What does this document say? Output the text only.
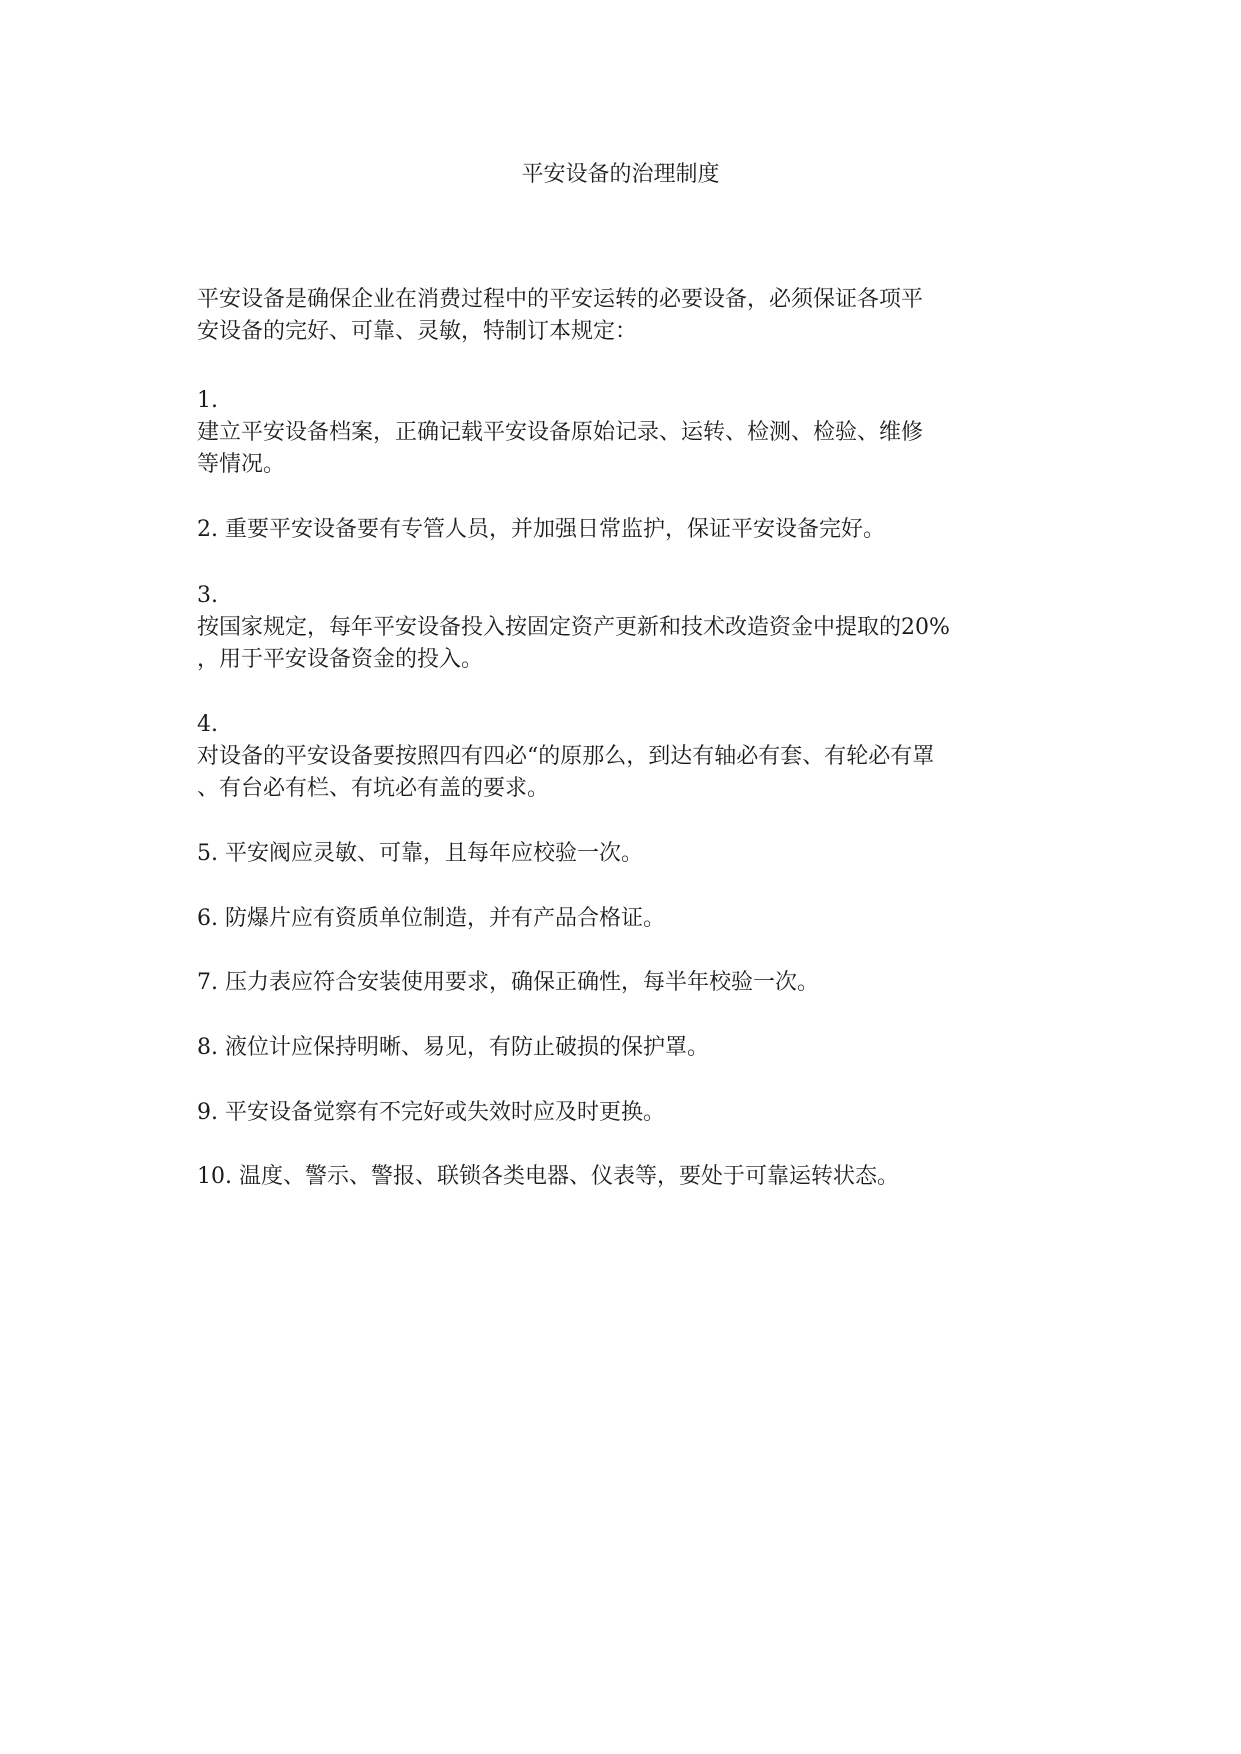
平安设备的治理制度
平安设备是确保企业在消费过程中的平安运转的必要设备，必须保证各项平
安设备的完好、可靠、灵敏，特制订本规定：
1.
建立平安设备档案，正确记载平安设备原始记录、运转、检测、检验、维修
等情况。
2. 重要平安设备要有专管人员，并加强日常监护，保证平安设备完好。
3.
按国家规定，每年平安设备投入按固定资产更新和技术改造资金中提取的20%
，用于平安设备资金的投入。
4.
对设备的平安设备要按照四有四必“的原那么，到达有轴必有套、有轮必有罩
、有台必有栏、有坑必有盖的要求。
5. 平安阀应灵敏、可靠，且每年应校验一次。
6. 防爆片应有资质单位制造，并有产品合格证。
7. 压力表应符合安装使用要求，确保正确性，每半年校验一次。
8. 液位计应保持明晰、易见，有防止破损的保护罩。
9. 平安设备觉察有不完好或失效时应及时更换。
10. 温度、警示、警报、联锁各类电器、仪表等，要处于可靠运转状态。
